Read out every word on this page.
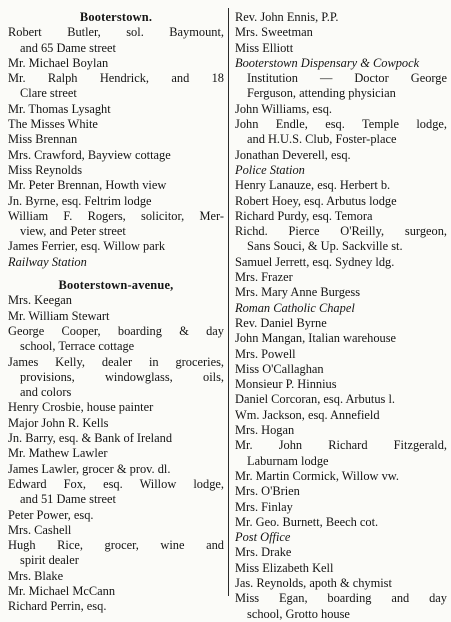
Booterstown.
Robert Butler, sol. Baymount,
and 65 Dame street
Mr. Michael Boylan
Mr. Ralph Hendrick, and 18
Clare street
Mr. Thomas Lysaght
The Misses White
Miss Brennan
Mrs. Crawford, Bayview cottage
Miss Reynolds
Mr. Peter Brennan, Howth view
Jn. Byrne, esq. Feltrim lodge
William F. Rogers, solicitor, Mer-
view, and Peter street
James Ferrier, esq. Willow park
Railway Station
Booterstown-avenue,
Mrs. Keegan
Mr. William Stewart
George Cooper, boarding & day
school, Terrace cottage
James Kelly, dealer in groceries,
provisions, windowglass, oils,
and colors
Henry Crosbie, house painter
Major John R. Kells
Jn. Barry, esq. & Bank of Ireland
Mr. Mathew Lawler
James Lawler, grocer & prov. dl.
Edward Fox, esq. Willow lodge,
and 51 Dame street
Peter Power, esq.
Mrs. Cashell
Hugh Rice, grocer, wine and
spirit dealer
Mrs. Blake
Mr. Michael McCann
Richard Perrin, esq.
Rev. John Ennis, P.P.
Mrs. Sweetman
Miss Elliott
Booterstown Dispensary & Cowpock
Institution — Doctor George
Ferguson, attending physician
John Williams, esq.
John Endle, esq. Temple lodge,
and H.U.S. Club, Foster-place
Jonathan Deverell, esq.
Police Station
Henry Lanauze, esq. Herbert b.
Robert Hoey, esq. Arbutus lodge
Richard Purdy, esq. Temora
Richd. Pierce O'Reilly, surgeon,
Sans Souci, & Up. Sackville st.
Samuel Jerrett, esq. Sydney ldg.
Mrs. Frazer
Mrs. Mary Anne Burgess
Roman Catholic Chapel
Rev. Daniel Byrne
John Mangan, Italian warehouse
Mrs. Powell
Miss O'Callaghan
Monsieur P. Hinnius
Daniel Corcoran, esq. Arbutus l.
Wm. Jackson, esq. Annefield
Mrs. Hogan
Mr. John Richard Fitzgerald,
Laburnam lodge
Mr. Martin Cormick, Willow vw.
Mrs. O'Brien
Mrs. Finlay
Mr. Geo. Burnett, Beech cot.
Post Office
Mrs. Drake
Miss Elizabeth Kell
Jas. Reynolds, apoth & chymist
Miss Egan, boarding and day
school, Grotto house
